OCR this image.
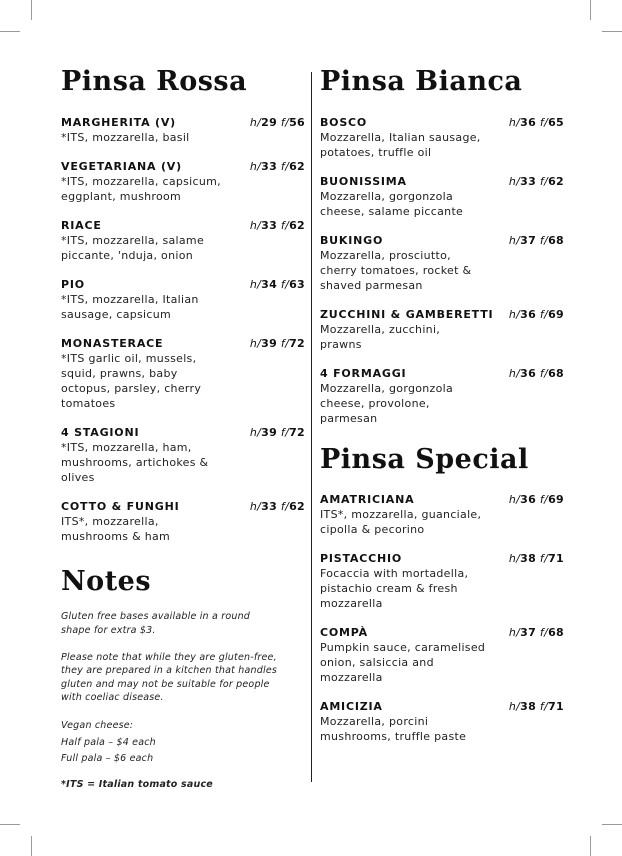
Pinsa Rossa
MARGHERITA (V)	h/29 f/56
*ITS, mozzarella, basil
VEGETARIANA (V)	h/33 f/62
*ITS, mozzarella, capsicum,
eggplant, mushroom
RIACE	h/33 f/62
*ITS, mozzarella, salame
piccante, 'nduja, onion
PIO	h/34 f/63
*ITS, mozzarella, Italian
sausage, capsicum
MONASTERACE	h/39 f/72
*ITS garlic oil, mussels,
squid, prawns, baby
octopus, parsley, cherry
tomatoes
4 STAGIONI	h/39 f/72
*ITS, mozzarella, ham,
mushrooms, artichokes &
olives
COTTO & FUNGHI	h/33 f/62
ITS*, mozzarella,
mushrooms & ham
Notes

Gluten free bases available in a round

shape for extra $3.

Please note that while they are gluten-free,

they are prepared in a kitchen that handles

gluten and may not be suitable for people

with coeliac disease.

Vegan cheese:

Half pala – $4 each

Full pala – $6 each

*ITS = Italian tomato sauce

Pinsa Bianca
BOSCO	h/36 f/65
Mozzarella, Italian sausage,
potatoes, truffle oil
BUONISSIMA	h/33 f/62
Mozzarella, gorgonzola
cheese, salame piccante
BUKINGO	h/37 f/68
Mozzarella, prosciutto,
cherry tomatoes, rocket &
shaved parmesan
ZUCCHINI & GAMBERETTI	h/36 f/69
Mozzarella, zucchini,
prawns
4 FORMAGGI	h/36 f/68
Mozzarella, gorgonzola
cheese, provolone,
parmesan
Pinsa Special
AMATRICIANA	h/36 f/69
ITS*, mozzarella, guanciale,
cipolla & pecorino
PISTACCHIO	h/38 f/71
Focaccia with mortadella,
pistachio cream & fresh
mozzarella
COMPÀ	h/37 f/68
Pumpkin sauce, caramelised
onion, salsiccia and
mozzarella
AMICIZIA	h/38 f/71
Mozzarella, porcini
mushrooms, truffle paste
